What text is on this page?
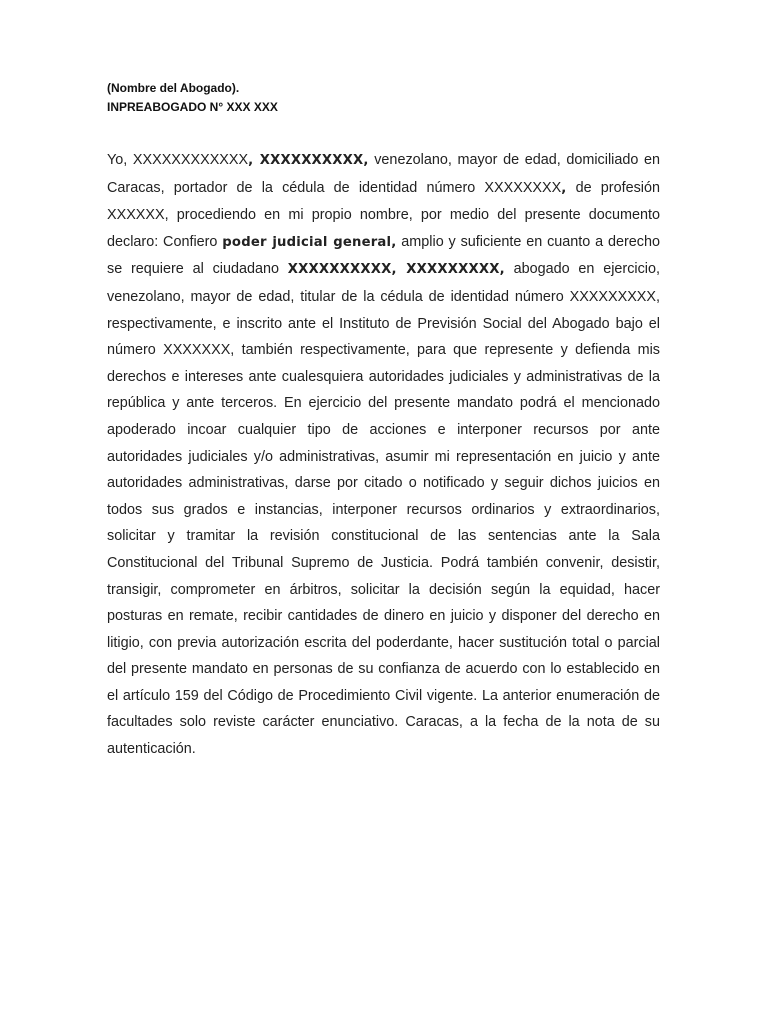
(Nombre del Abogado).
INPREABOGADO N° XXX XXX
Yo, XXXXXXXXXXXX, XXXXXXXXXX, venezolano, mayor de edad, domiciliado en Caracas, portador de la cédula de identidad número XXXXXXXX, de profesión XXXXXX, procediendo en mi propio nombre, por medio del presente documento declaro: Confiero poder judicial general, amplio y suficiente en cuanto a derecho se requiere al ciudadano XXXXXXXXXX, XXXXXXXXX, abogado en ejercicio, venezolano, mayor de edad, titular de la cédula de identidad número XXXXXXXXX, respectivamente, e inscrito ante el Instituto de Previsión Social del Abogado bajo el número XXXXXXX, también respectivamente, para que represente y defienda mis derechos e intereses ante cualesquiera autoridades judiciales y administrativas de la república y ante terceros. En ejercicio del presente mandato podrá el mencionado apoderado incoar cualquier tipo de acciones e interponer recursos por ante autoridades judiciales y/o administrativas, asumir mi representación en juicio y ante autoridades administrativas, darse por citado o notificado y seguir dichos juicios en todos sus grados e instancias, interponer recursos ordinarios y extraordinarios, solicitar y tramitar la revisión constitucional de las sentencias ante la Sala Constitucional del Tribunal Supremo de Justicia. Podrá también convenir, desistir, transigir, comprometer en árbitros, solicitar la decisión según la equidad, hacer posturas en remate, recibir cantidades de dinero en juicio y disponer del derecho en litigio, con previa autorización escrita del poderdante, hacer sustitución total o parcial del presente mandato en personas de su confianza de acuerdo con lo establecido en el artículo 159 del Código de Procedimiento Civil vigente. La anterior enumeración de facultades solo reviste carácter enunciativo. Caracas, a la fecha de la nota de su autenticación.
